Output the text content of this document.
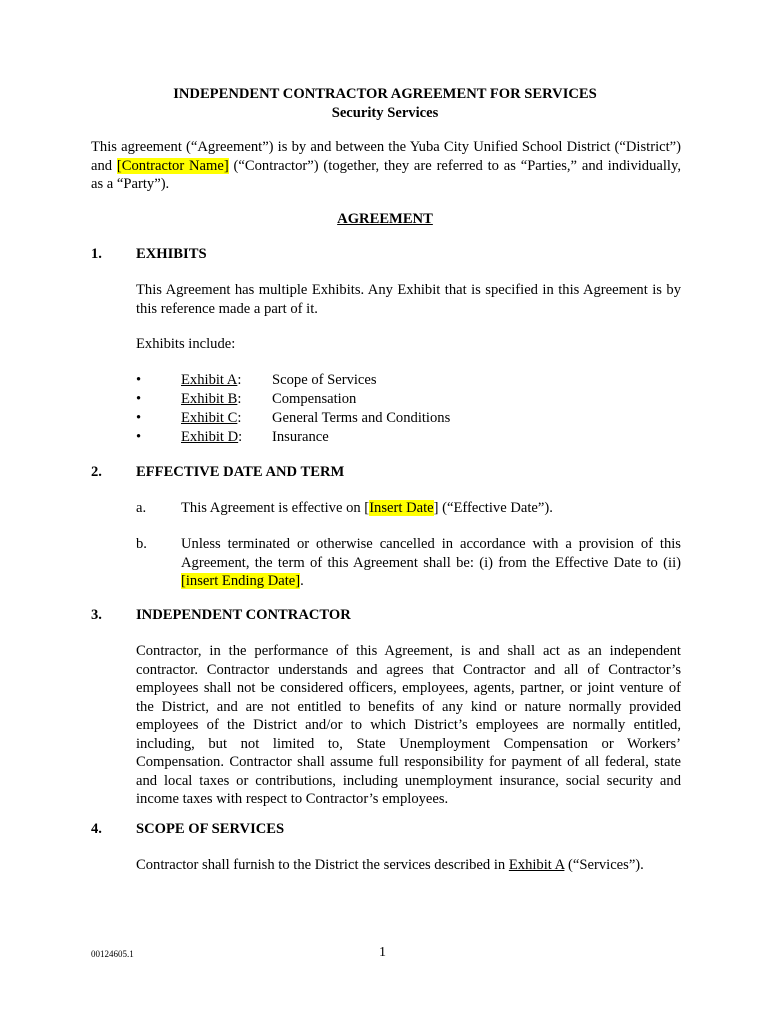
INDEPENDENT CONTRACTOR AGREEMENT FOR SERVICES
Security Services
This agreement (“Agreement”) is by and between the Yuba City Unified School District (“District”) and [Contractor Name] (“Contractor”) (together, they are referred to as “Parties,” and individually, as a “Party”).
AGREEMENT
1. EXHIBITS
This Agreement has multiple Exhibits. Any Exhibit that is specified in this Agreement is by this reference made a part of it.
Exhibits include:
•	Exhibit A:	Scope of Services
•	Exhibit B:	Compensation
•	Exhibit C:	General Terms and Conditions
•	Exhibit D:	Insurance
2. EFFECTIVE DATE AND TERM
a. This Agreement is effective on [Insert Date] (“Effective Date”).
b. Unless terminated or otherwise cancelled in accordance with a provision of this Agreement, the term of this Agreement shall be: (i) from the Effective Date to (ii) [insert Ending Date].
3. INDEPENDENT CONTRACTOR
Contractor, in the performance of this Agreement, is and shall act as an independent contractor. Contractor understands and agrees that Contractor and all of Contractor’s employees shall not be considered officers, employees, agents, partner, or joint venture of the District, and are not entitled to benefits of any kind or nature normally provided employees of the District and/or to which District’s employees are normally entitled, including, but not limited to, State Unemployment Compensation or Workers’ Compensation. Contractor shall assume full responsibility for payment of all federal, state and local taxes or contributions, including unemployment insurance, social security and income taxes with respect to Contractor’s employees.
4. SCOPE OF SERVICES
Contractor shall furnish to the District the services described in Exhibit A (“Services”).
00124605.1	1
